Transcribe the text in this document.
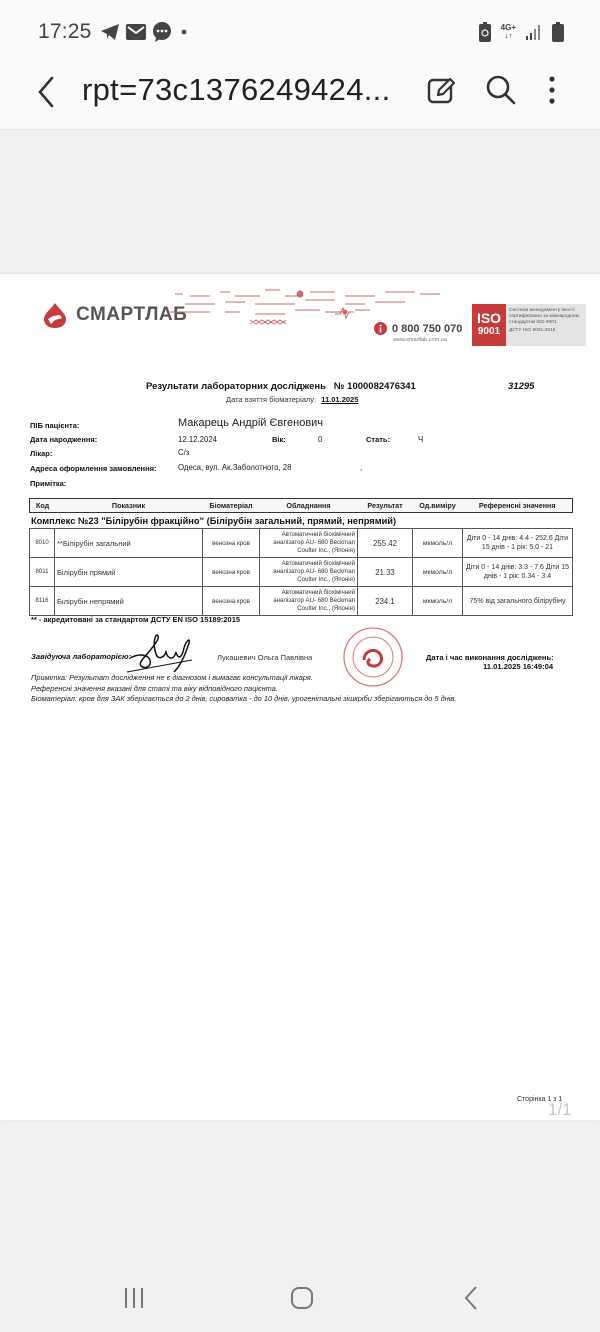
17:25	4G+
↓↑
rpt=73c1376249424...
СМАРТЛАБ
0 800 750 070
www.smartlab.com.ua
ISO
9001
Система менеджменту якості сертифікована за міжнародним стандартом ISO 9001
ДСТУ ISO 9001-2015
Результати лабораторних досліджень   № 1000082476341	31295
Дата взяття біоматеріалу: 11.01.2025
ПІБ пацієнта:	Макарець Андрій Євгенович
Дата народження:	12.12.2024	Вік:	0	Стать:	Ч
Лікар:	С/з
Адреса оформлення замовлення:	Одеса, вул. Ак.Заболотного, 28	,
Примітка:
Код	Показник	Біоматеріал	Обладнання	Результат	Од.виміру	Референсні значення
Комплекс №23 "Білірубін фракційно" (Білірубін загальний, прямий, непрямий)
8010	**Білірубін загальний	венозна кров	Автоматичний біохімічний аналізатор AU- 680 Beckman Coulter Inc., (Японія)	255.42	мкмоль/л	Діти 0 - 14 днів: 4.4 - 252.6 Діти 15 днів - 1 рік: 5.0 - 21
8011	Білірубін прямий	венозна кров	Автоматичний біохімічний аналізатор AU- 680 Beckman Coulter Inc., (Японія)	21.33	мкмоль/л	Діти 0 - 14 днів: 3.3 - 7.6 Діти 15 днів - 1 рік: 0.34 - 3.4
8116	Білірубін непрямий	венозна кров	Автоматичний біохімічний аналізатор AU- 680 Beckman Coulter Inc., (Японія)	234.1	мкмоль/л	75% від загального білірубіну
** - акредитовані за стандартом ДСТУ EN ISO 15189:2015
Завідуюча лабораторією:	Лукашевич Ольга Павлівна	Дата і час виконання досліджень:
11.01.2025 16:49:04
Примітка: Результат дослідження не є діагнозом і вимагає консультації лікаря.
Референсні значення вказані для статі та віку відповідного пацієнта.
Біоматеріал: кров для ЗАК зберігається до 2 днів, сироватка - до 10 днів, урогенітальні зішкріби зберігаються до 5 днів.
Сторінка 1 з 1
1/1
